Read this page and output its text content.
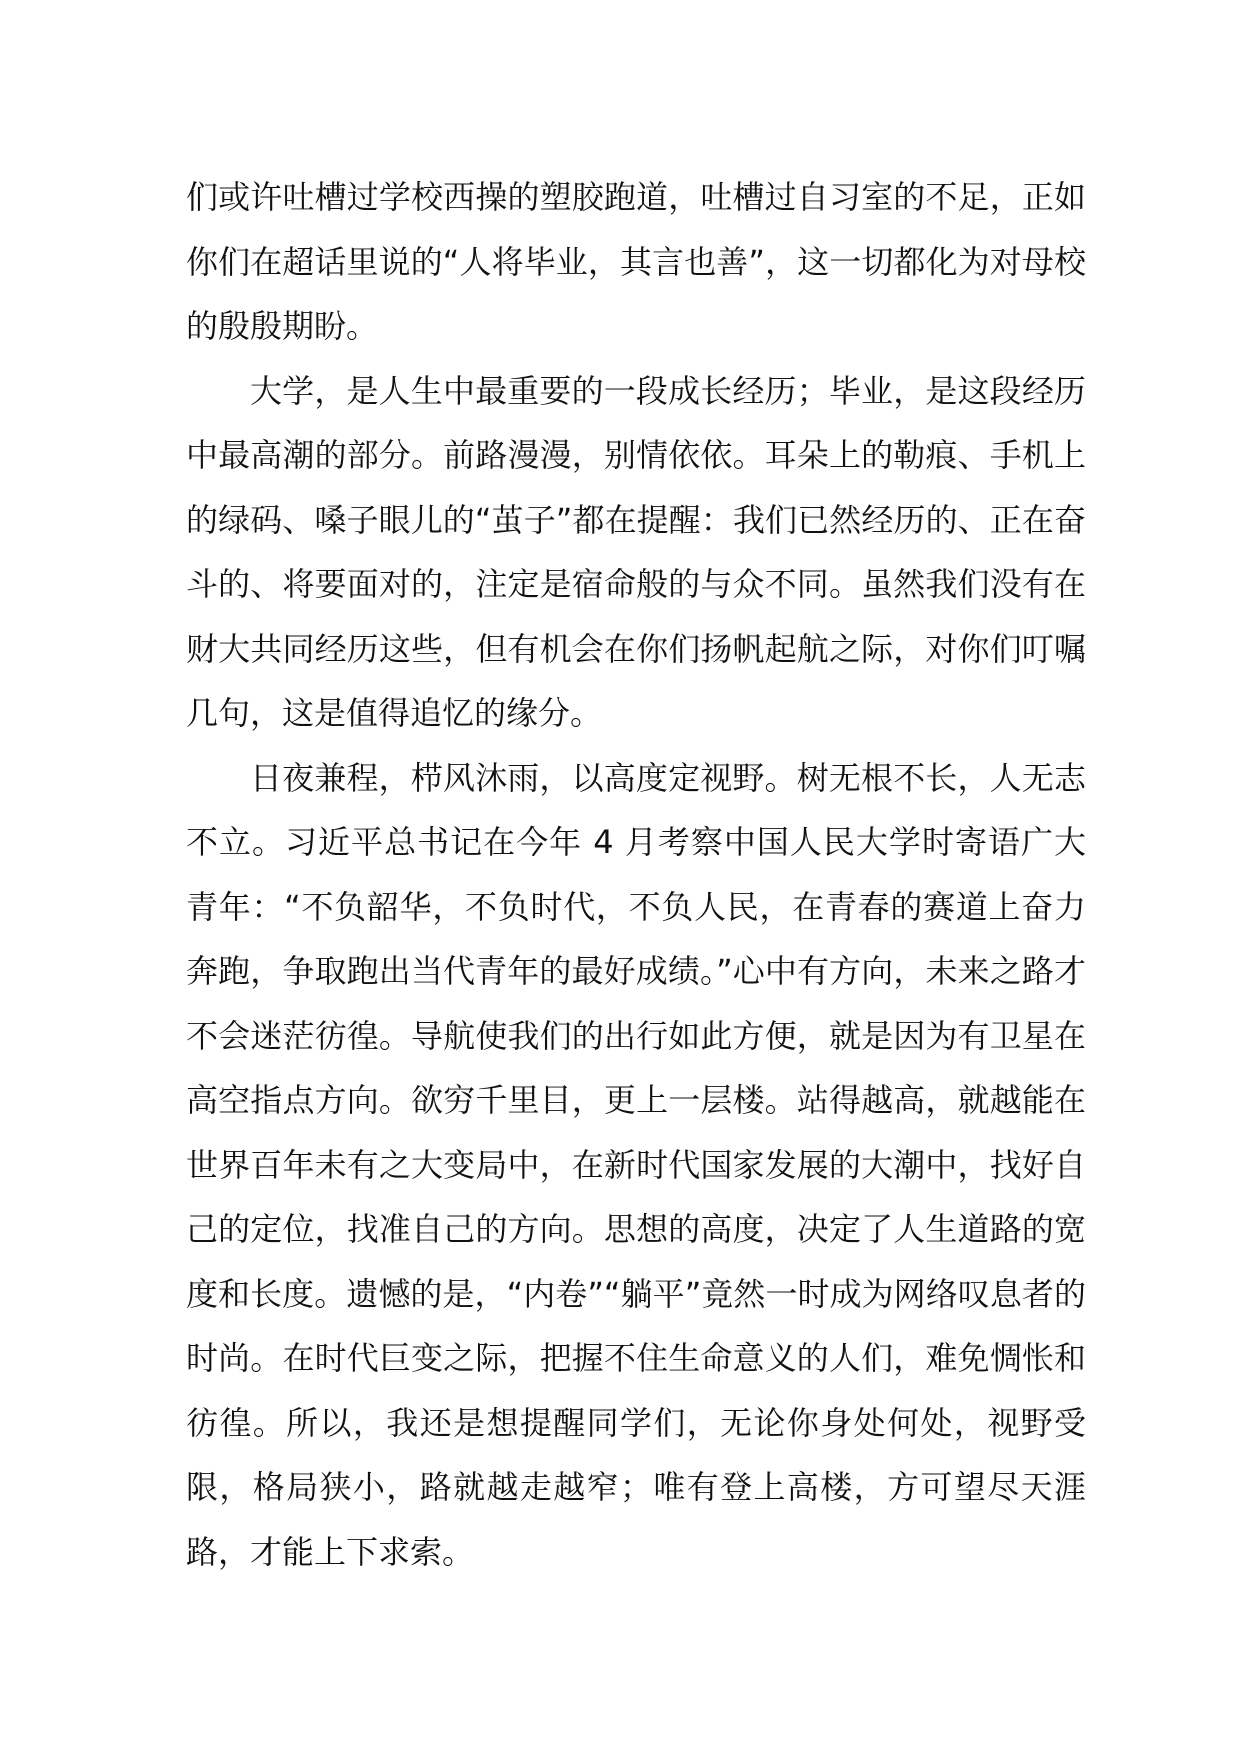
们或许吐槽过学校西操的塑胶跑道，吐槽过自习室的不足，正如你们在超话里说的“人将毕业，其言也善”，这一切都化为对母校的殷殷期盼。

大学，是人生中最重要的一段成长经历；毕业，是这段经历中最高潮的部分。前路漫漫，别情依依。耳朵上的勒痕、手机上的绿码、嗓子眼儿的“茧子”都在提醒：我们已然经历的、正在奋斗的、将要面对的，注定是宿命般的与众不同。虽然我们没有在财大共同经历这些，但有机会在你们扬帆起航之际，对你们叮嘱几句，这是值得追忆的缘分。

日夜兼程，栉风沐雨，以高度定视野。树无根不长，人无志不立。习近平总书记在今年 4 月考察中国人民大学时寄语广大青年：“不负韶华，不负时代，不负人民，在青春的赛道上奋力奔跑，争取跑出当代青年的最好成绩。”心中有方向，未来之路才不会迷茫彷徨。导航使我们的出行如此方便，就是因为有卫星在高空指点方向。欲穷千里目，更上一层楼。站得越高，就越能在世界百年未有之大变局中，在新时代国家发展的大潮中，找好自己的定位，找准自己的方向。思想的高度，决定了人生道路的宽度和长度。遗憾的是，“内卷”“躺平”竟然一时成为网络叹息者的时尚。在时代巨变之际，把握不住生命意义的人们，难免惆怅和彷徨。所以，我还是想提醒同学们，无论你身处何处，视野受限，格局狭小，路就越走越窄；唯有登上高楼，方可望尽天涯路，才能上下求索。
